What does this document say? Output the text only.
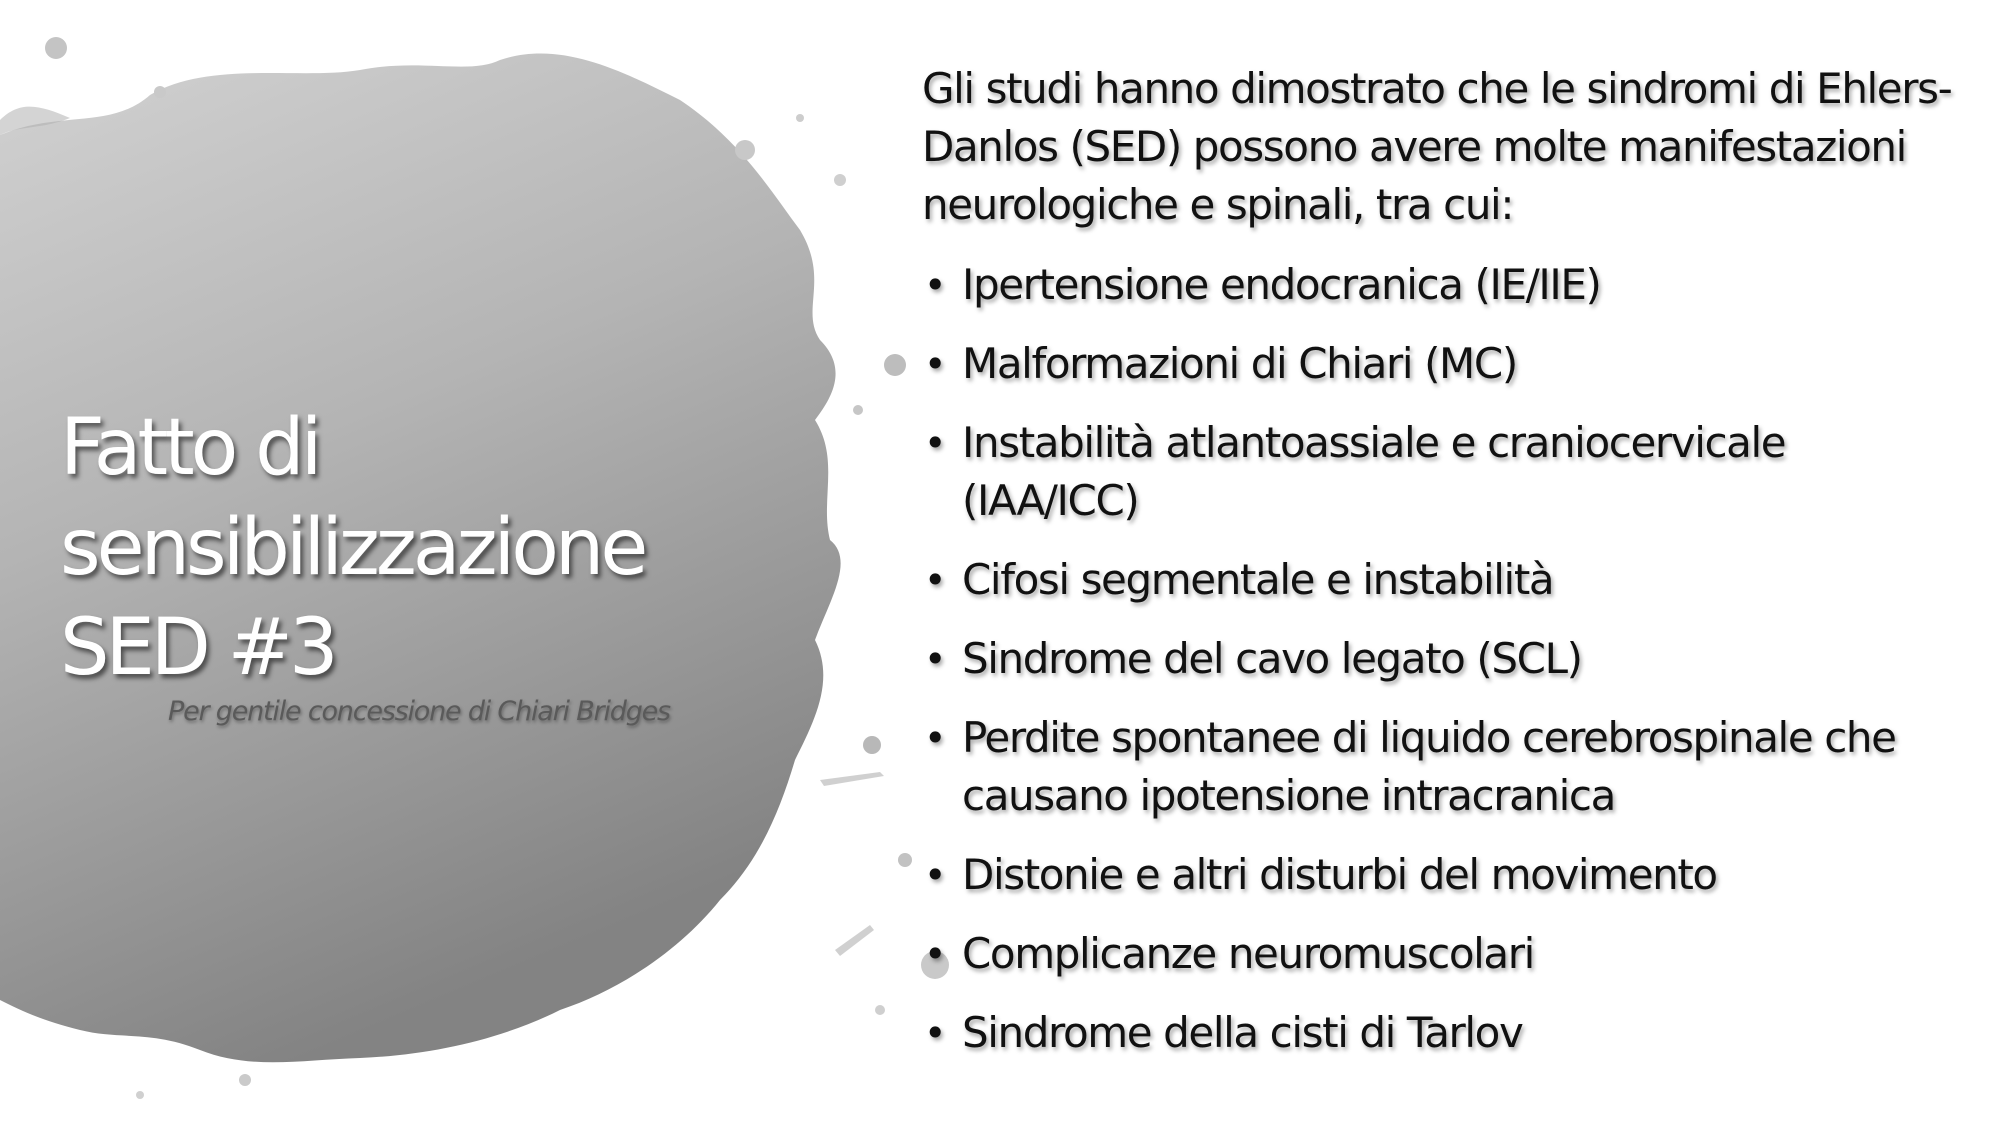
Fatto di
sensibilizzazione
SED #3
Per gentile concessione di Chiari Bridges

Gli studi hanno dimostrato che le sindromi di Ehlers-Danlos (SED) possono avere molte manifestazioni neurologiche e spinali, tra cui:

• Ipertensione endocranica (IE/IIE)
• Malformazioni di Chiari (MC)
• Instabilità atlantoassiale e craniocervicale (IAA/ICC)
• Cifosi segmentale e instabilità
• Sindrome del cavo legato (SCL)
• Perdite spontanee di liquido cerebrospinale che causano ipotensione intracranica
• Distonie e altri disturbi del movimento
• Complicanze neuromuscolari
• Sindrome della cisti di Tarlov
